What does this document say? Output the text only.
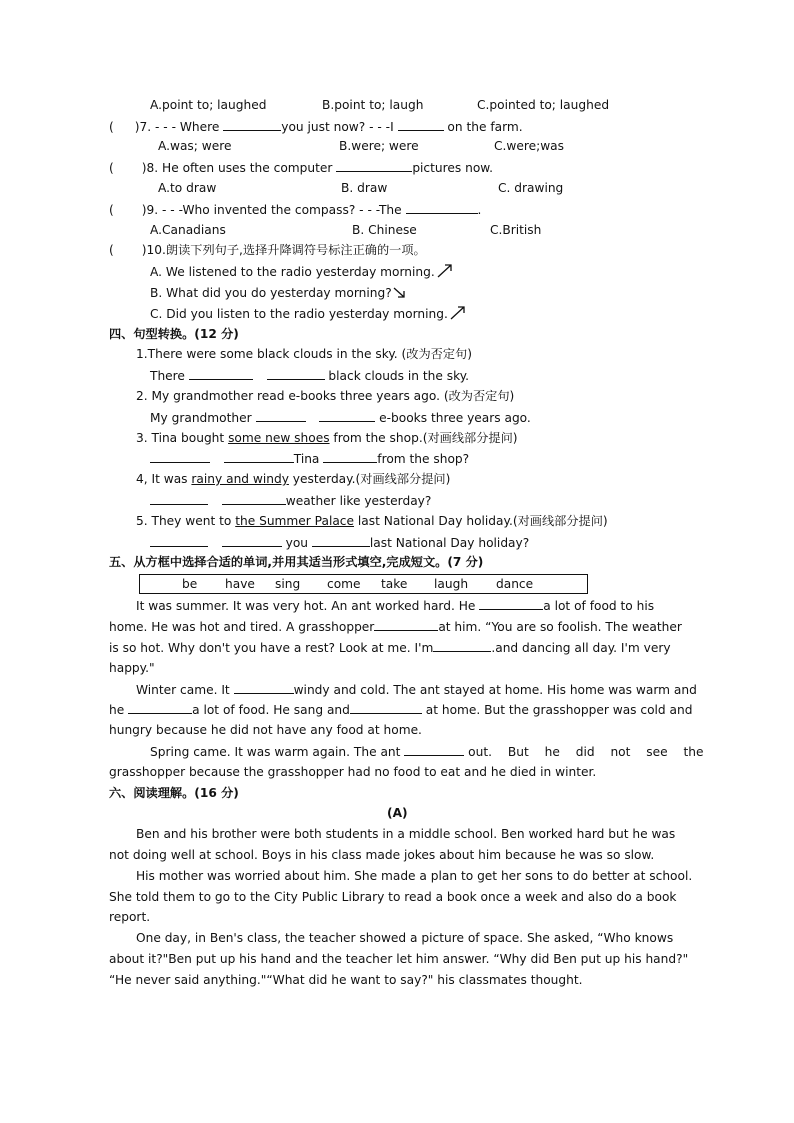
A.point to; laughed	B.point to; laugh	C.pointed to; laughed
( )7. - - - Where	you just now? - - -I	on the farm.
A.was; were	B.were; were	C.were;was
( )8. He often uses the computer	pictures now.
A.to draw	B. draw	C. drawing
( )9. - - -Who invented the compass? - - -The	.
A.Canadians	B. Chinese	C.British
( )10.朗读下列句子,选择升降调符号标注正确的一项。
A. We listened to the radio yesterday morning.
B. What did you do yesterday morning?
C. Did you listen to the radio yesterday morning.
四、句型转换。(12 分)
1.There were some black clouds in the sky. (改为否定句)
There	black clouds in the sky.
2. My grandmother read e-books three years ago. (改为否定句)
My grandmother	e-books three years ago.
3. Tina bought some new shoes from the shop.(对画线部分提问)
Tina	from the shop?
4, It was rainy and windy yesterday.(对画线部分提问)
weather like yesterday?
5. They went to the Summer Palace last National Day holiday.(对画线部分提问)
you	last National Day holiday?
五、从方框中选择合适的单词,并用其适当形式填空,完成短文。(7 分)
be have sing come take laugh dance
It was summer. It was very hot. An ant worked hard. He	a lot of food to his
home. He was hot and tired. A grasshopper	at him. “You are so foolish. The weather
is so hot. Why don't you have a rest? Look at me. I'm	.and dancing all day. I'm very
happy."
Winter came. It	windy and cold. The ant stayed at home. His home was warm and
he	a lot of food. He sang and	at home. But the grasshopper was cold and
hungry because he did not have any food at home.
Spring came. It was warm again. The ant	out. But he did not see the
grasshopper because the grasshopper had no food to eat and he died in winter.
六、阅读理解。(16 分)
(A)
Ben and his brother were both students in a middle school. Ben worked hard but he was
not doing well at school. Boys in his class made jokes about him because he was so slow.
His mother was worried about him. She made a plan to get her sons to do better at school.
She told them to go to the City Public Library to read a book once a week and also do a book
report.
One day, in Ben's class, the teacher showed a picture of space. She asked, “Who knows
about it?"Ben put up his hand and the teacher let him answer. “Why did Ben put up his hand?"
“He never said anything."“What did he want to say?" his classmates thought.
